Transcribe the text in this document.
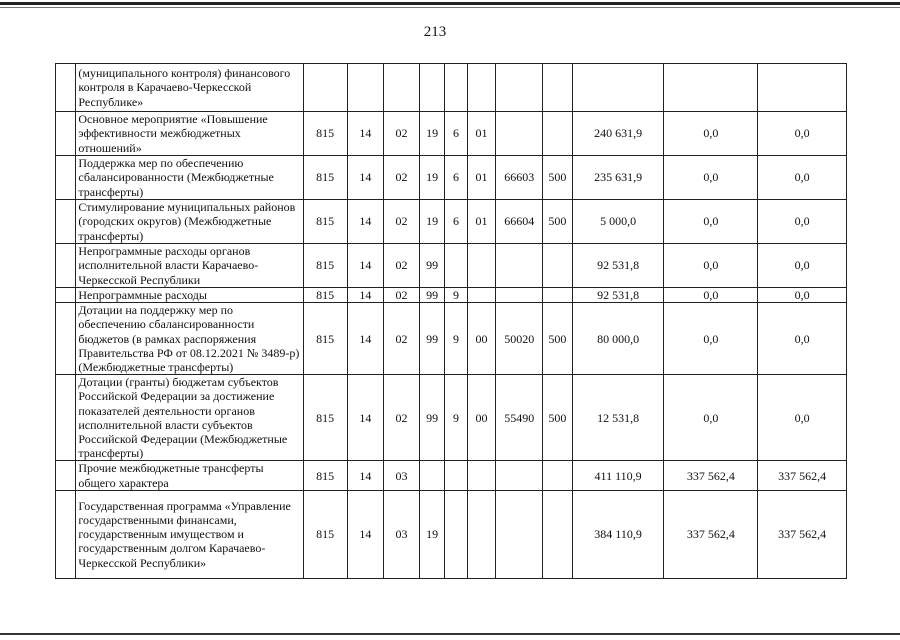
213
	(муниципального контроля) финансового контроля в Карачаево-Черкесской Республике»											
	Основное мероприятие «Повышение эффективности межбюджетных отношений»	815	14	02	19	6	01			240 631,9	0,0	0,0
	Поддержка мер по обеспечению сбалансированности (Межбюджетные трансферты)	815	14	02	19	6	01	66603	500	235 631,9	0,0	0,0
	Стимулирование муниципальных районов (городских округов) (Межбюджетные трансферты)	815	14	02	19	6	01	66604	500	5 000,0	0,0	0,0
	Непрограммные расходы органов исполнительной власти Карачаево-Черкесской Республики	815	14	02	99					92 531,8	0,0	0,0
	Непрограммные расходы	815	14	02	99	9				92 531,8	0,0	0,0
	Дотации на поддержку мер по обеспечению сбалансированности бюджетов (в рамках распоряжения Правительства РФ от 08.12.2021 № 3489-р) (Межбюджетные трансферты)	815	14	02	99	9	00	50020	500	80 000,0	0,0	0,0
	Дотации (гранты) бюджетам субъектов Российской Федерации за достижение показателей деятельности органов исполнительной власти субъектов Российской Федерации (Межбюджетные трансферты)	815	14	02	99	9	00	55490	500	12 531,8	0,0	0,0
	Прочие межбюджетные трансферты общего характера	815	14	03						411 110,9	337 562,4	337 562,4
	Государственная программа «Управление государственными финансами, государственным имуществом и государственным долгом Карачаево-Черкесской Республики»	815	14	03	19					384 110,9	337 562,4	337 562,4
